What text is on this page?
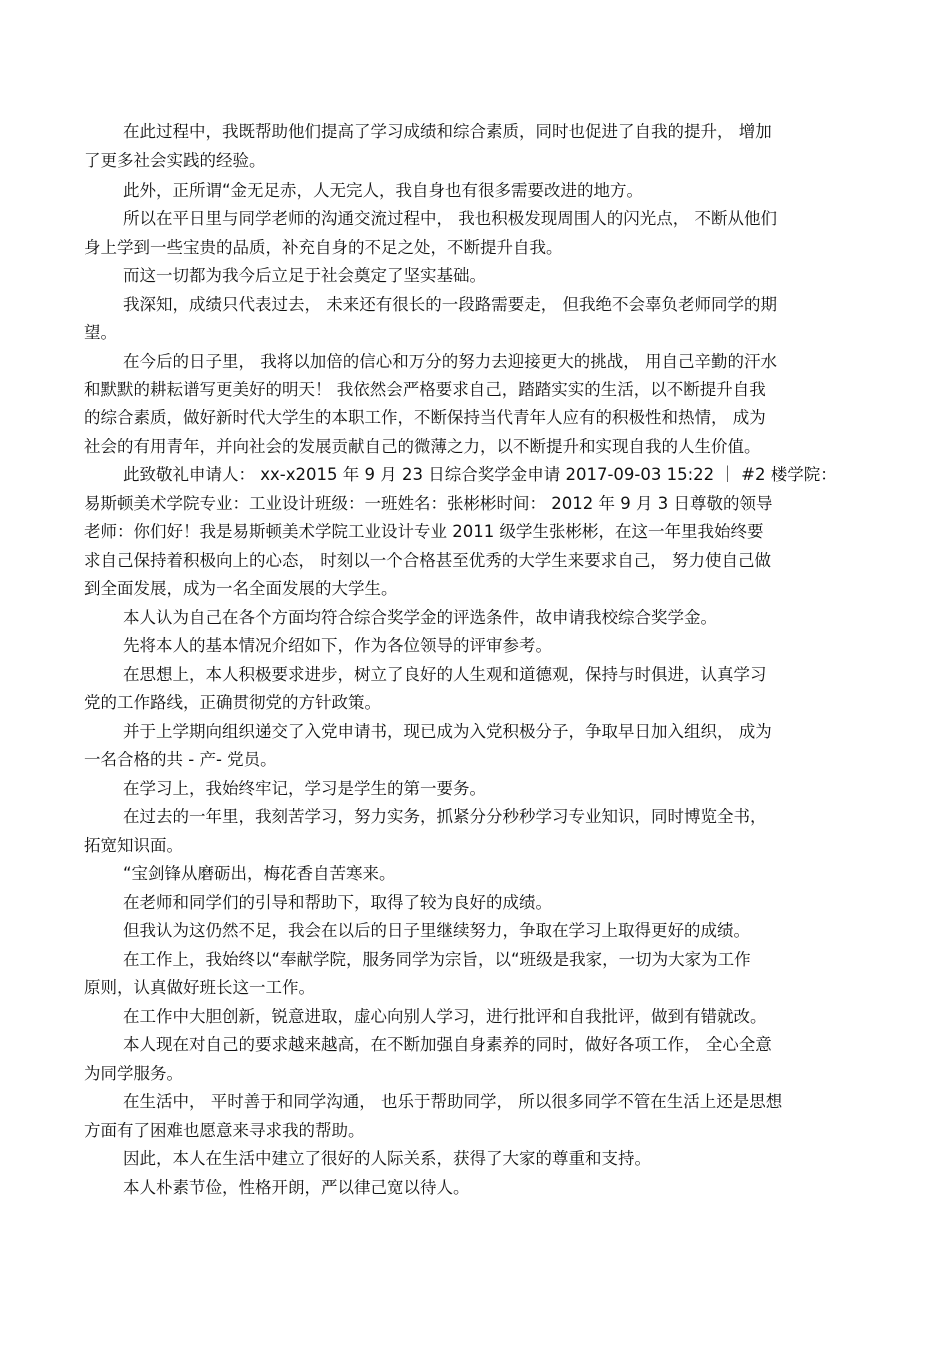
在此过程中，我既帮助他们提高了学习成绩和综合素质，同时也促进了自我的提升， 增加
了更多社会实践的经验。
此外，正所谓“金无足赤，人无完人，我自身也有很多需要改进的地方。
所以在平日里与同学老师的沟通交流过程中， 我也积极发现周围人的闪光点， 不断从他们
身上学到一些宝贵的品质，补充自身的不足之处，不断提升自我。
而这一切都为我今后立足于社会奠定了坚实基础。
我深知，成绩只代表过去， 未来还有很长的一段路需要走， 但我绝不会辜负老师同学的期
望。
在今后的日子里， 我将以加倍的信心和万分的努力去迎接更大的挑战， 用自己辛勤的汗水
和默默的耕耘谱写更美好的明天！ 我依然会严格要求自己，踏踏实实的生活，以不断提升自我
的综合素质，做好新时代大学生的本职工作，不断保持当代青年人应有的积极性和热情， 成为
社会的有用青年，并向社会的发展贡献自己的微薄之力，以不断提升和实现自我的人生价值。
此致敬礼申请人： xx-x2015 年 9 月 23 日综合奖学金申请 2017-09-03 15:22 ｜ #2 楼学院：
易斯顿美术学院专业：工业设计班级：一班姓名：张彬彬时间： 2012 年 9 月 3 日尊敬的领导
老师：你们好！我是易斯顿美术学院工业设计专业 2011 级学生张彬彬，在这一年里我始终要
求自己保持着积极向上的心态， 时刻以一个合格甚至优秀的大学生来要求自己， 努力使自己做
到全面发展，成为一名全面发展的大学生。
本人认为自己在各个方面均符合综合奖学金的评选条件，故申请我校综合奖学金。
先将本人的基本情况介绍如下，作为各位领导的评审参考。
在思想上，本人积极要求进步，树立了良好的人生观和道德观，保持与时俱进，认真学习
党的工作路线，正确贯彻党的方针政策。
并于上学期向组织递交了入党申请书，现已成为入党积极分子，争取早日加入组织， 成为
一名合格的共 - 产- 党员。
在学习上，我始终牢记，学习是学生的第一要务。
在过去的一年里，我刻苦学习，努力实务，抓紧分分秒秒学习专业知识，同时博览全书，
拓宽知识面。
“宝剑锋从磨砺出，梅花香自苦寒来。
在老师和同学们的引导和帮助下，取得了较为良好的成绩。
但我认为这仍然不足，我会在以后的日子里继续努力，争取在学习上取得更好的成绩。
在工作上，我始终以“奉献学院，服务同学为宗旨，以“班级是我家，一切为大家为工作
原则，认真做好班长这一工作。
在工作中大胆创新，锐意进取，虚心向别人学习，进行批评和自我批评，做到有错就改。
本人现在对自己的要求越来越高，在不断加强自身素养的同时，做好各项工作， 全心全意
为同学服务。
在生活中， 平时善于和同学沟通， 也乐于帮助同学， 所以很多同学不管在生活上还是思想
方面有了困难也愿意来寻求我的帮助。
因此，本人在生活中建立了很好的人际关系，获得了大家的尊重和支持。
本人朴素节俭，性格开朗，严以律己宽以待人。
